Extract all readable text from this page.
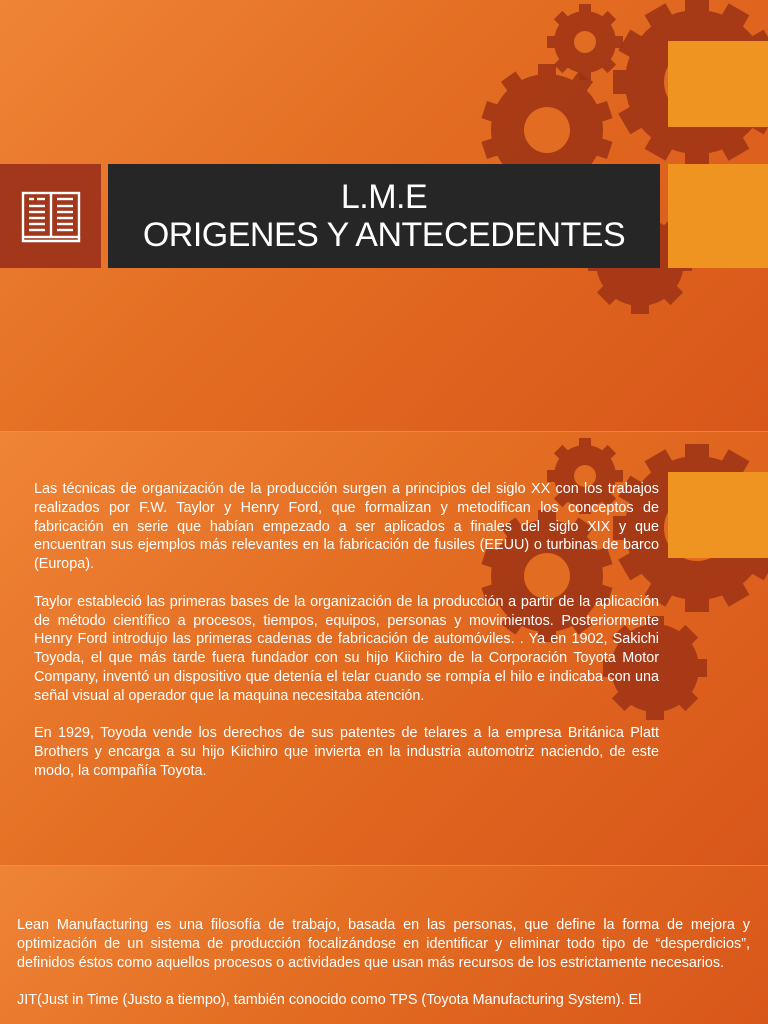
L.M.E
ORIGENES Y ANTECEDENTES

Las técnicas de organización de la producción surgen a principios del siglo XX con los trabajos realizados por F.W. Taylor y Henry Ford, que formalizan y metodifican los conceptos de fabricación en serie que habían empezado a ser aplicados a finales del siglo XIX y que encuentran sus ejemplos más relevantes en la fabricación de fusiles (EEUU) o turbinas de barco (Europa).

Taylor estableció las primeras bases de la organización de la producción a partir de la aplicación de método científico a procesos, tiempos, equipos, personas y movimientos. Posteriormente Henry Ford introdujo las primeras cadenas de fabricación de automóviles. . Ya en 1902, Sakichi Toyoda, el que más tarde fuera fundador con su hijo Kiichiro de la Corporación Toyota Motor Company, inventó un dispositivo que detenía el telar cuando se rompía el hilo e indicaba con una señal visual al operador que la maquina necesitaba atención.

En 1929, Toyoda vende los derechos de sus patentes de telares a la empresa Británica Platt Brothers y encarga a su hijo Kiichiro que invierta en la industria automotriz naciendo, de este modo, la compañía Toyota.

Lean Manufacturing es una filosofía de trabajo, basada en las personas, que define la forma de mejora y optimización de un sistema de producción focalizándose en identificar y eliminar todo tipo de “desperdicios”, definidos éstos como aquellos procesos o actividades que usan más recursos de los estrictamente necesarios.

JIT(Just in Time (Justo a tiempo), también conocido como TPS (Toyota Manufacturing System). El
